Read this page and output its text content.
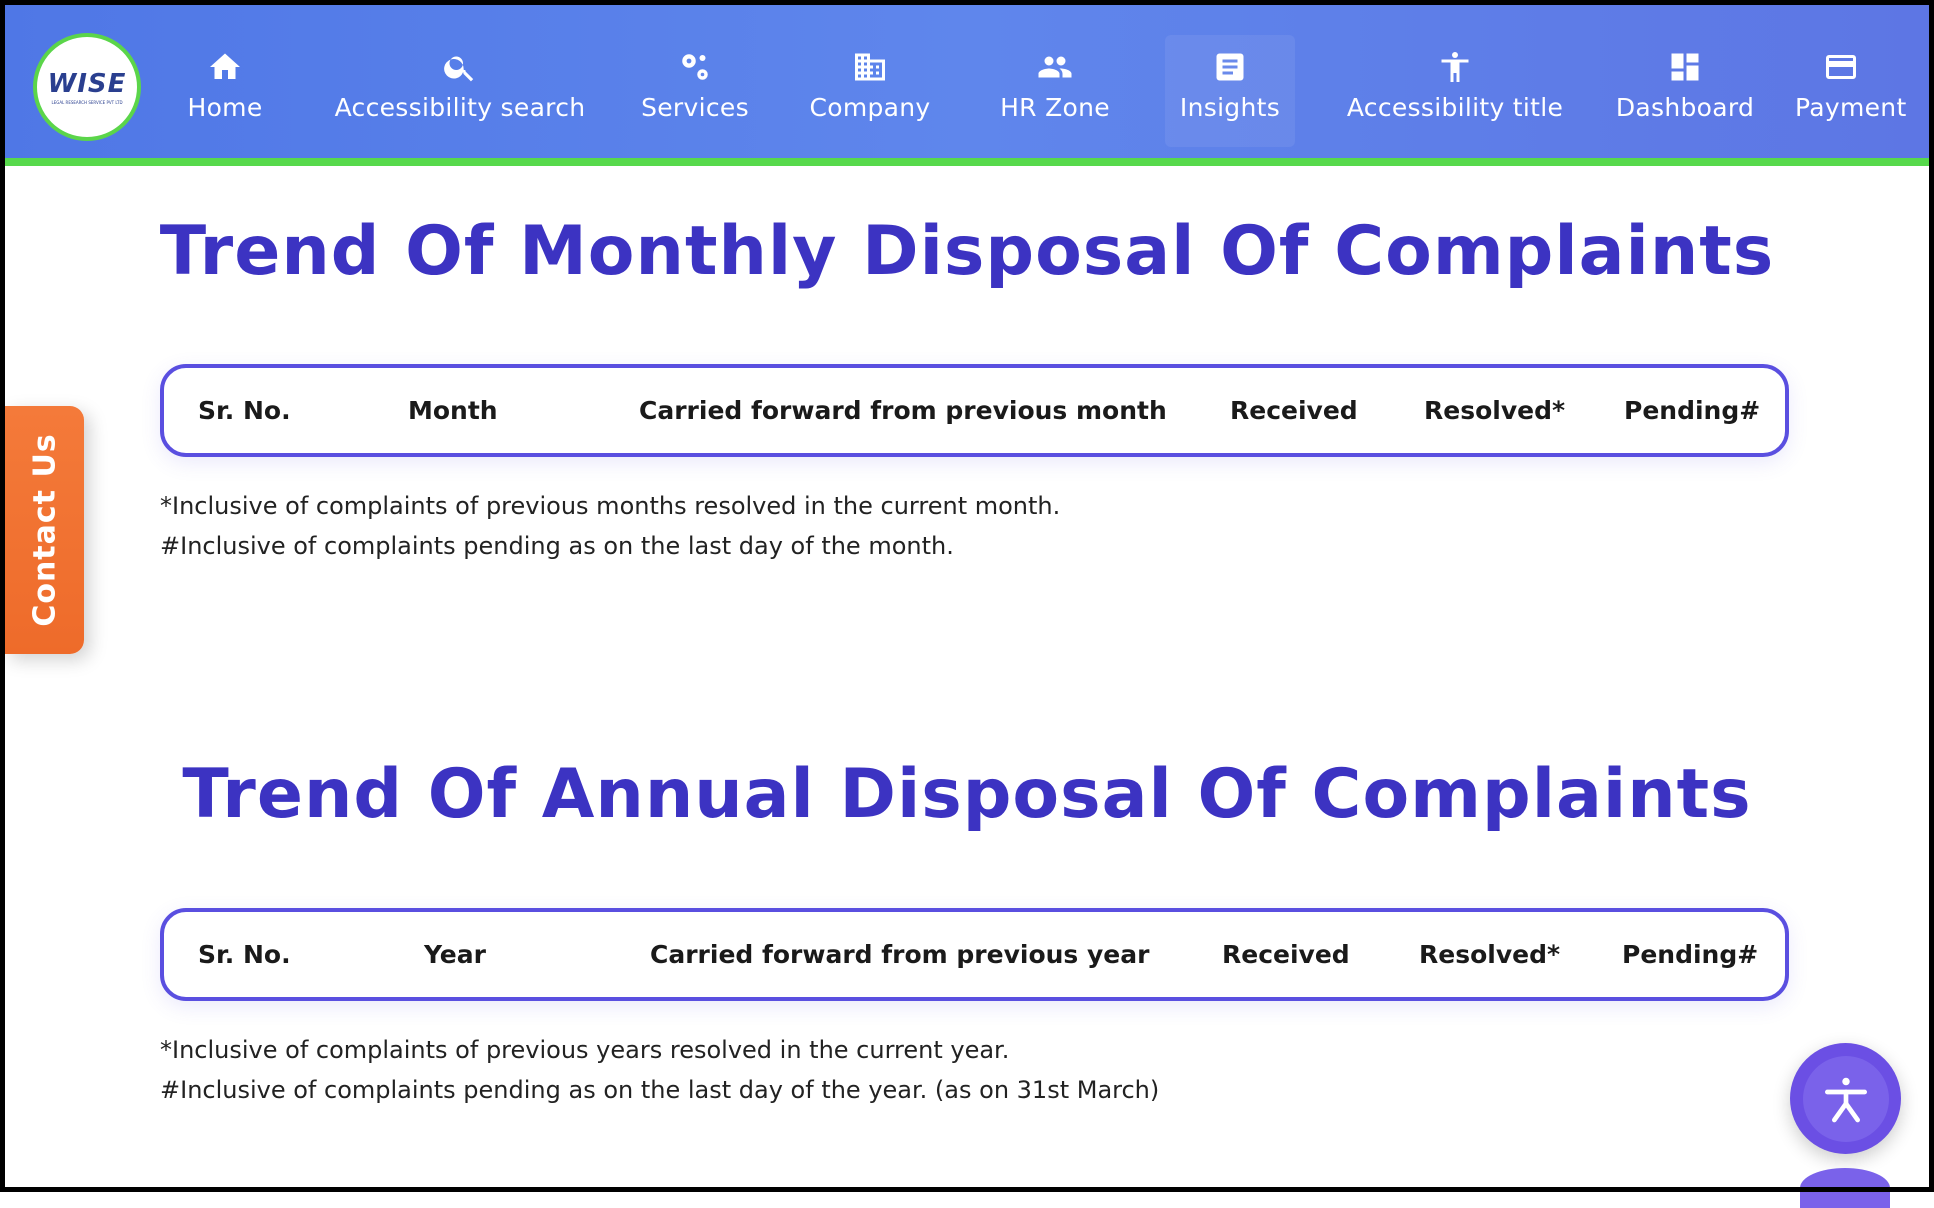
WISE
LEGAL RESEARCH SERVICE PVT LTD	Home	Accessibility search Services Company	HR Zone	Insights	Accessibility title Dashboard Payment
Trend Of Monthly Disposal Of Complaints
Sr. No.	Month	Carried forward from previous month	Received	Resolved* Pending#
*Inclusive of complaints of previous months resolved in the current month.
#Inclusive of complaints pending as on the last day of the month.
Trend Of Annual Disposal Of Complaints
Sr. No.	Year	Carried forward from previous year	Received	Resolved* Pending#
*Inclusive of complaints of previous years resolved in the current year.
#Inclusive of complaints pending as on the last day of the year. (as on 31st March)
Contact Us
